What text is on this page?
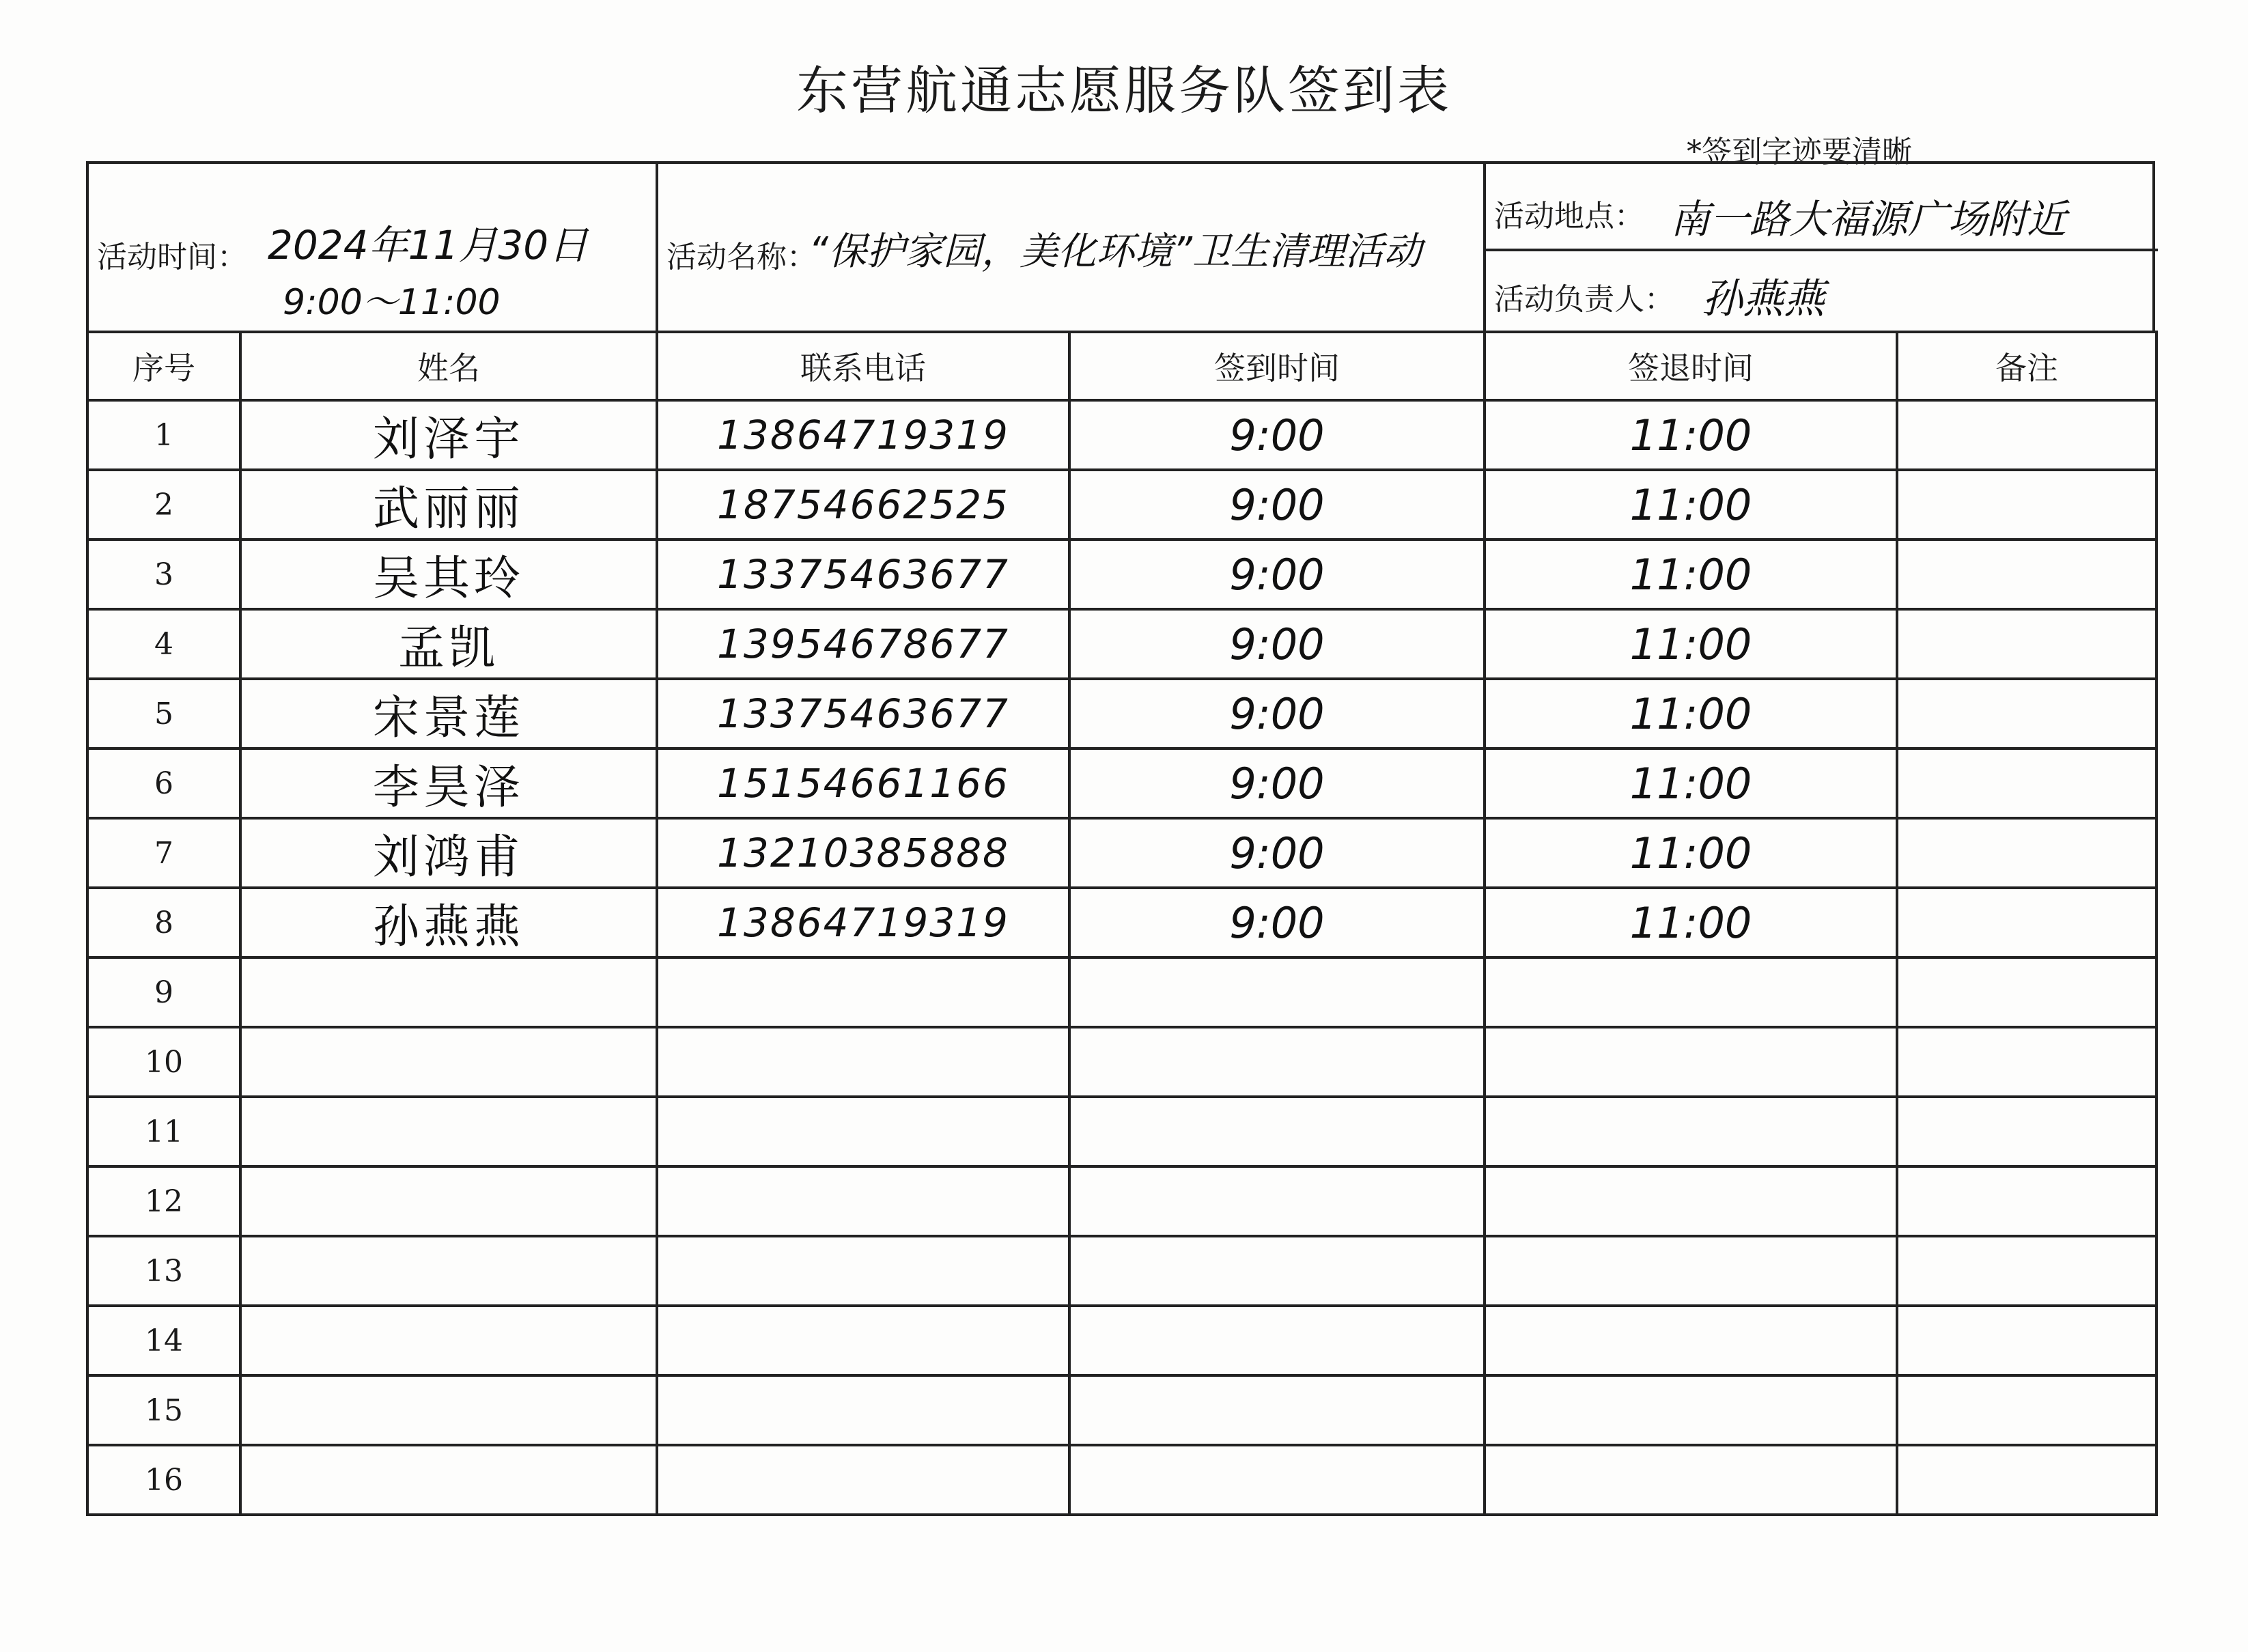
东营航通志愿服务队签到表
*签到字迹要清晰
活动时间： 2024年11月30日
9:00～11:00
活动名称：
“保护家园，美化环境”卫生清理活动
活动地点： 南一路大福源广场附近
活动负责人： 孙燕燕
序号	姓名	联系电话	签到时间	签退时间	备注
1	刘泽宇	13864719319	9:00	11:00	
2	武丽丽	18754662525	9:00	11:00	
3	吴其玲	13375463677	9:00	11:00	
4	孟凯	13954678677	9:00	11:00	
5	宋景莲	13375463677	9:00	11:00	
6	李昊泽	15154661166	9:00	11:00	
7	刘鸿甫	13210385888	9:00	11:00	
8	孙燕燕	13864719319	9:00	11:00	
9					
10					
11					
12					
13					
14					
15					
16					
